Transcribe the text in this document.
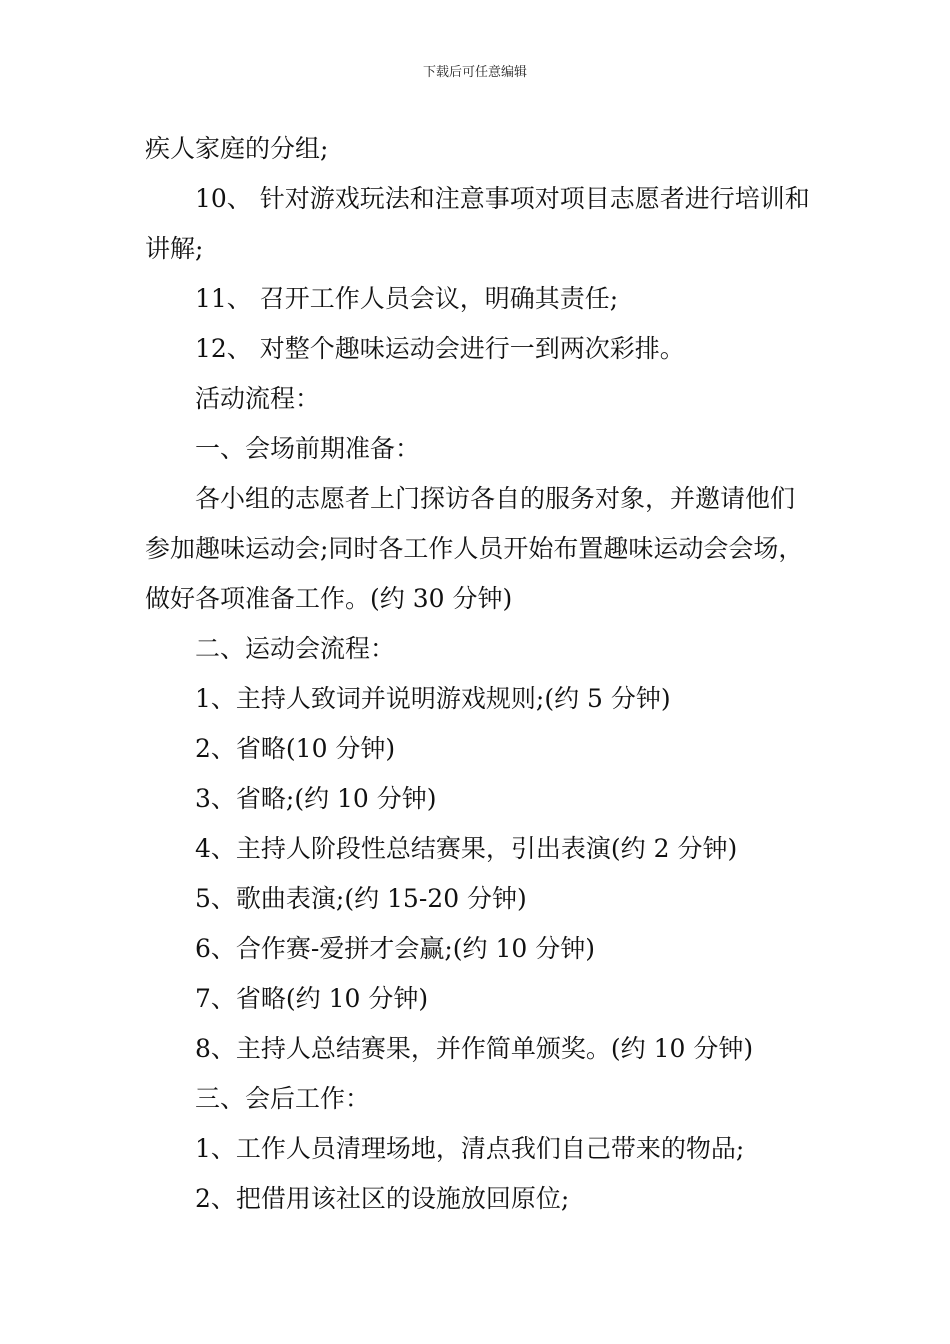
下载后可任意编辑

疾人家庭的分组;

10、 针对游戏玩法和注意事项对项目志愿者进行培训和讲解;

11、 召开工作人员会议，明确其责任;

12、 对整个趣味运动会进行一到两次彩排。

活动流程：

一、会场前期准备：

各小组的志愿者上门探访各自的服务对象，并邀请他们参加趣味运动会;同时各工作人员开始布置趣味运动会会场，做好各项准备工作。(约 30 分钟)

二、运动会流程：

1、主持人致词并说明游戏规则;(约 5 分钟)

2、省略(10 分钟)

3、省略;(约 10 分钟)

4、主持人阶段性总结赛果，引出表演(约 2 分钟)

5、歌曲表演;(约 15-20 分钟)

6、合作赛-爱拼才会赢;(约 10 分钟)

7、省略(约 10 分钟)

8、主持人总结赛果，并作简单颁奖。(约 10 分钟)

三、会后工作：

1、工作人员清理场地，清点我们自己带来的物品;

2、把借用该社区的设施放回原位;
